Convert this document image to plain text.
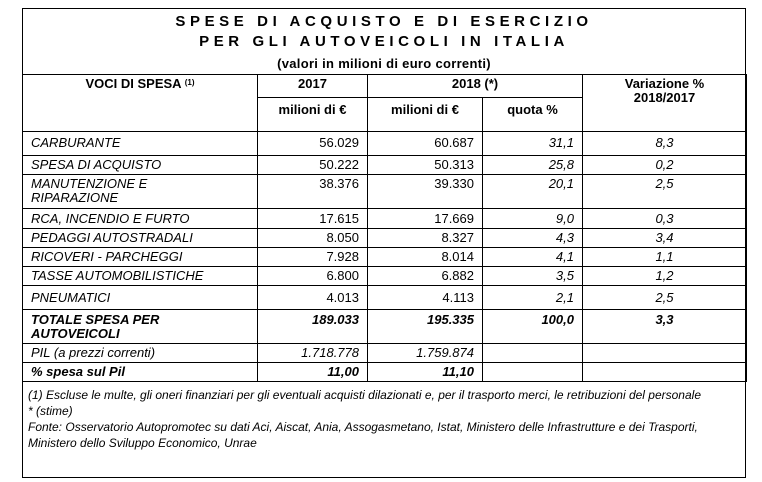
SPESE DI ACQUISTO E DI ESERCIZIO
PER GLI AUTOVEICOLI IN ITALIA
(valori in milioni di euro correnti)
VOCI DI SPESA $^{(1)}$	2017	2018 (*)		Variazione %
2018/2017

	milioni di €	milioni di €	quota %	
CARBURANTE	56.029	60.687	31,1	8,3
SPESA DI ACQUISTO	50.222	50.313	25,8	0,2
MANUTENZIONE E RIPARAZIONE	38.376	39.330	20,1	2,5
RCA, INCENDIO E FURTO	17.615	17.669	9,0	0,3
PEDAGGI AUTOSTRADALI	8.050	8.327	4,3	3,4
RICOVERI - PARCHEGGI	7.928	8.014	4,1	1,1
TASSE AUTOMOBILISTICHE	6.800	6.882	3,5	1,2
PNEUMATICI	4.013	4.113	2,1	2,5
TOTALE SPESA PER AUTOVEICOLI	189.033	195.335	100,0	3,3
PIL (a prezzi correnti)	1.718.778	1.759.874		
% spesa sul Pil	11,00	11,10		
(1) Escluse le multe, gli oneri finanziari per gli eventuali acquisti dilazionati e, per il trasporto merci, le retribuzioni del personale
* (stime)
Fonte: Osservatorio Autopromotec su dati Aci, Aiscat, Ania, Assogasmetano, Istat, Ministero delle Infrastrutture e dei Trasporti, Ministero dello Sviluppo Economico, Unrae
